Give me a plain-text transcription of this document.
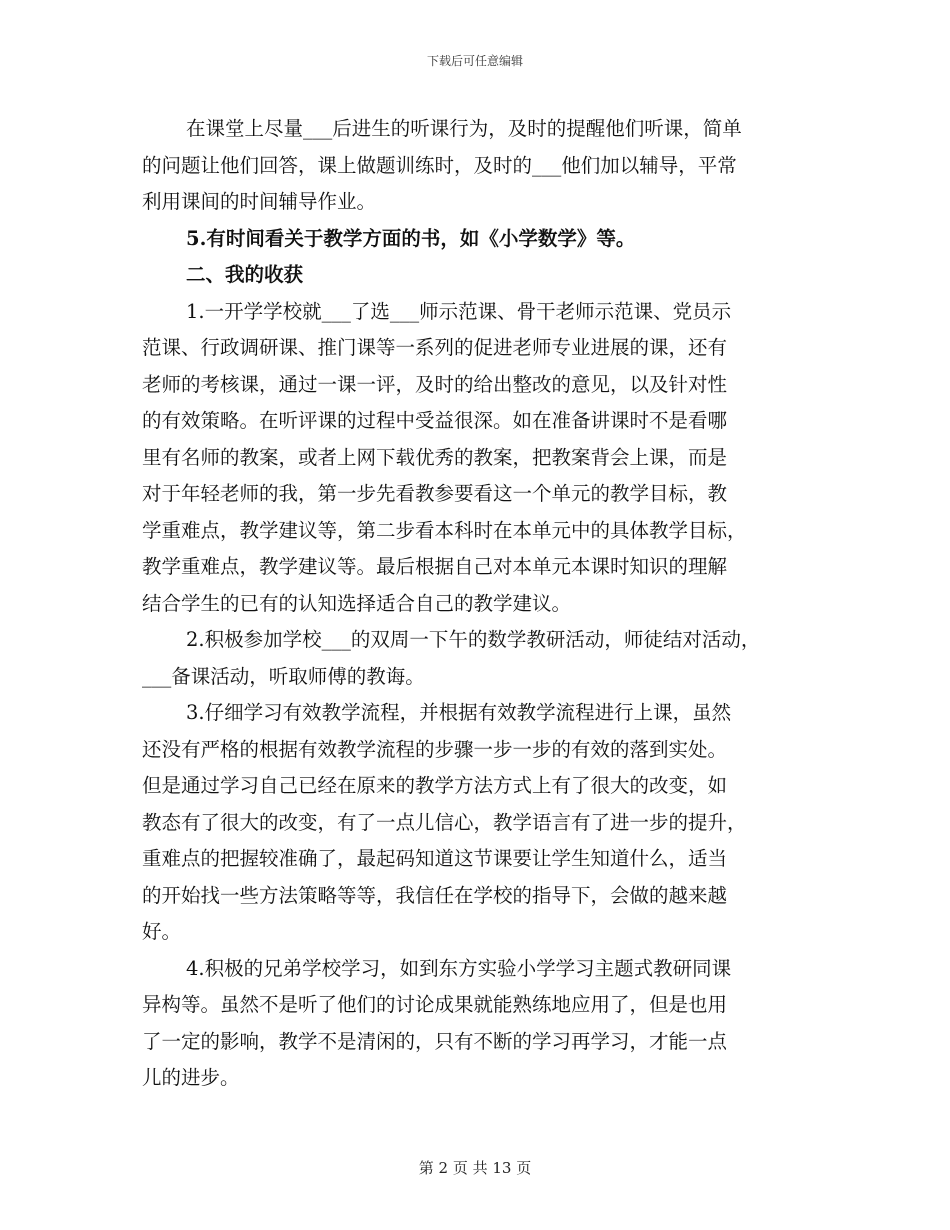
下载后可任意编辑

在课堂上尽量___后进生的听课行为，及时的提醒他们听课，简单
的问题让他们回答，课上做题训练时，及时的___他们加以辅导，平常
利用课间的时间辅导作业。

5.有时间看关于教学方面的书，如《小学数学》等。

二、我的收获

1.一开学学校就___了选___师示范课、骨干老师示范课、党员示
范课、行政调研课、推门课等一系列的促进老师专业进展的课，还有
老师的考核课，通过一课一评，及时的给出整改的意见，以及针对性
的有效策略。在听评课的过程中受益很深。如在准备讲课时不是看哪
里有名师的教案，或者上网下载优秀的教案，把教案背会上课，而是
对于年轻老师的我，第一步先看教参要看这一个单元的教学目标，教
学重难点，教学建议等，第二步看本科时在本单元中的具体教学目标，
教学重难点，教学建议等。最后根据自己对本单元本课时知识的理解
结合学生的已有的认知选择适合自己的教学建议。

2.积极参加学校___的双周一下午的数学教研活动，师徒结对活动，
___备课活动，听取师傅的教诲。

3.仔细学习有效教学流程，并根据有效教学流程进行上课，虽然
还没有严格的根据有效教学流程的步骤一步一步的有效的落到实处。
但是通过学习自己已经在原来的教学方法方式上有了很大的改变，如
教态有了很大的改变，有了一点儿信心，教学语言有了进一步的提升，
重难点的把握较准确了，最起码知道这节课要让学生知道什么，适当
的开始找一些方法策略等等，我信任在学校的指导下，会做的越来越
好。

4.积极的兄弟学校学习，如到东方实验小学学习主题式教研同课
异构等。虽然不是听了他们的讨论成果就能熟练地应用了，但是也用
了一定的影响，教学不是清闲的，只有不断的学习再学习，才能一点
儿的进步。

第 2 页 共 13 页
